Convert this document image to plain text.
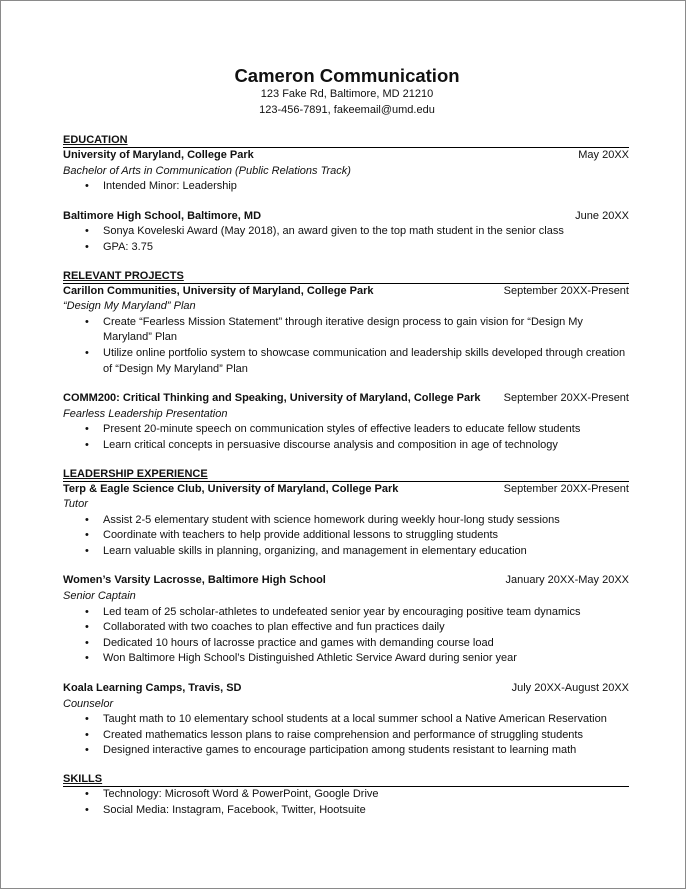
Cameron Communication
123 Fake Rd, Baltimore, MD 21210
123-456-7891, fakeemail@umd.edu
EDUCATION
University of Maryland, College Park	May 20XX
Bachelor of Arts in Communication (Public Relations Track)
• Intended Minor: Leadership
Baltimore High School, Baltimore, MD	June 20XX
• Sonya Koveleski Award (May 2018), an award given to the top math student in the senior class
• GPA: 3.75
RELEVANT PROJECTS
Carillon Communities, University of Maryland, College Park	September 20XX-Present
“Design My Maryland” Plan
• Create “Fearless Mission Statement” through iterative design process to gain vision for “Design My Maryland” Plan
• Utilize online portfolio system to showcase communication and leadership skills developed through creation of “Design My Maryland” Plan
COMM200: Critical Thinking and Speaking, University of Maryland, College Park September 20XX-Present
Fearless Leadership Presentation
• Present 20-minute speech on communication styles of effective leaders to educate fellow students
• Learn critical concepts in persuasive discourse analysis and composition in age of technology
LEADERSHIP EXPERIENCE
Terp & Eagle Science Club, University of Maryland, College Park	September 20XX-Present
Tutor
• Assist 2-5 elementary student with science homework during weekly hour-long study sessions
• Coordinate with teachers to help provide additional lessons to struggling students
• Learn valuable skills in planning, organizing, and management in elementary education
Women’s Varsity Lacrosse, Baltimore High School	January 20XX-May 20XX
Senior Captain
• Led team of 25 scholar-athletes to undefeated senior year by encouraging positive team dynamics
• Collaborated with two coaches to plan effective and fun practices daily
• Dedicated 10 hours of lacrosse practice and games with demanding course load
• Won Baltimore High School’s Distinguished Athletic Service Award during senior year
Koala Learning Camps, Travis, SD	July 20XX-August 20XX
Counselor
• Taught math to 10 elementary school students at a local summer school a Native American Reservation
• Created mathematics lesson plans to raise comprehension and performance of struggling students
• Designed interactive games to encourage participation among students resistant to learning math
SKILLS
• Technology: Microsoft Word & PowerPoint, Google Drive
• Social Media: Instagram, Facebook, Twitter, Hootsuite
